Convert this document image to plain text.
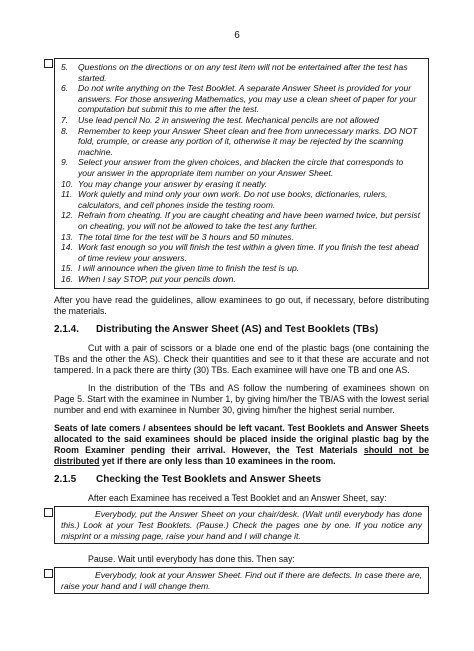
6
5. Questions on the directions or on any test item will not be entertained after the test has started.
6. Do not write anything on the Test Booklet. A separate Answer Sheet is provided for your answers. For those answering Mathematics, you may use a clean sheet of paper for your computation but submit this to me after the test.
7. Use lead pencil No. 2 in answering the test. Mechanical pencils are not allowed
8. Remember to keep your Answer Sheet clean and free from unnecessary marks. DO NOT fold, crumple, or crease any portion of it, otherwise it may be rejected by the scanning machine.
9. Select your answer from the given choices, and blacken the circle that corresponds to your answer in the appropriate item number on your Answer Sheet.
10. You may change your answer by erasing it neatly.
11. Work quietly and mind only your own work. Do not use books, dictionaries, rulers, calculators, and cell phones inside the testing room.
12. Refrain from cheating. If you are caught cheating and have been warned twice, but persist on cheating, you will not be allowed to take the test any further.
13. The total time for the test will be 3 hours and 50 minutes.
14. Work fast enough so you will finish the test within a given time. If you finish the test ahead of time review your answers.
15. I will announce when the given time to finish the test is up.
16. When I say STOP, put your pencils down.

After you have read the guidelines, allow examinees to go out, if necessary, before distributing the materials.

2.1.4. Distributing the Answer Sheet (AS) and Test Booklets (TBs)

Cut with a pair of scissors or a blade one end of the plastic bags (one containing the TBs and the other the AS). Check their quantities and see to it that these are accurate and not tampered. In a pack there are thirty (30) TBs. Each examinee will have one TB and one AS.

In the distribution of the TBs and AS follow the numbering of examinees shown on Page 5. Start with the examinee in Number 1, by giving him/her the TB/AS with the lowest serial number and end with examinee in Number 30, giving him/her the highest serial number.

Seats of late comers / absentees should be left vacant. Test Booklets and Answer Sheets allocated to the said examinees should be placed inside the original plastic bag by the Room Examiner pending their arrival. However, the Test Materials should not be distributed yet if there are only less than 10 examinees in the room.

2.1.5 Checking the Test Booklets and Answer Sheets

After each Examinee has received a Test Booklet and an Answer Sheet, say:

Everybody, put the Answer Sheet on your chair/desk. (Wait until everybody has done this.) Look at your Test Booklets. (Pause.) Check the pages one by one. If you notice any misprint or a missing page, raise your hand and I will change it.

Pause. Wait until everybody has done this. Then say:

Everybody, look at your Answer Sheet. Find out if there are defects. In case there are, raise your hand and I will change them.
